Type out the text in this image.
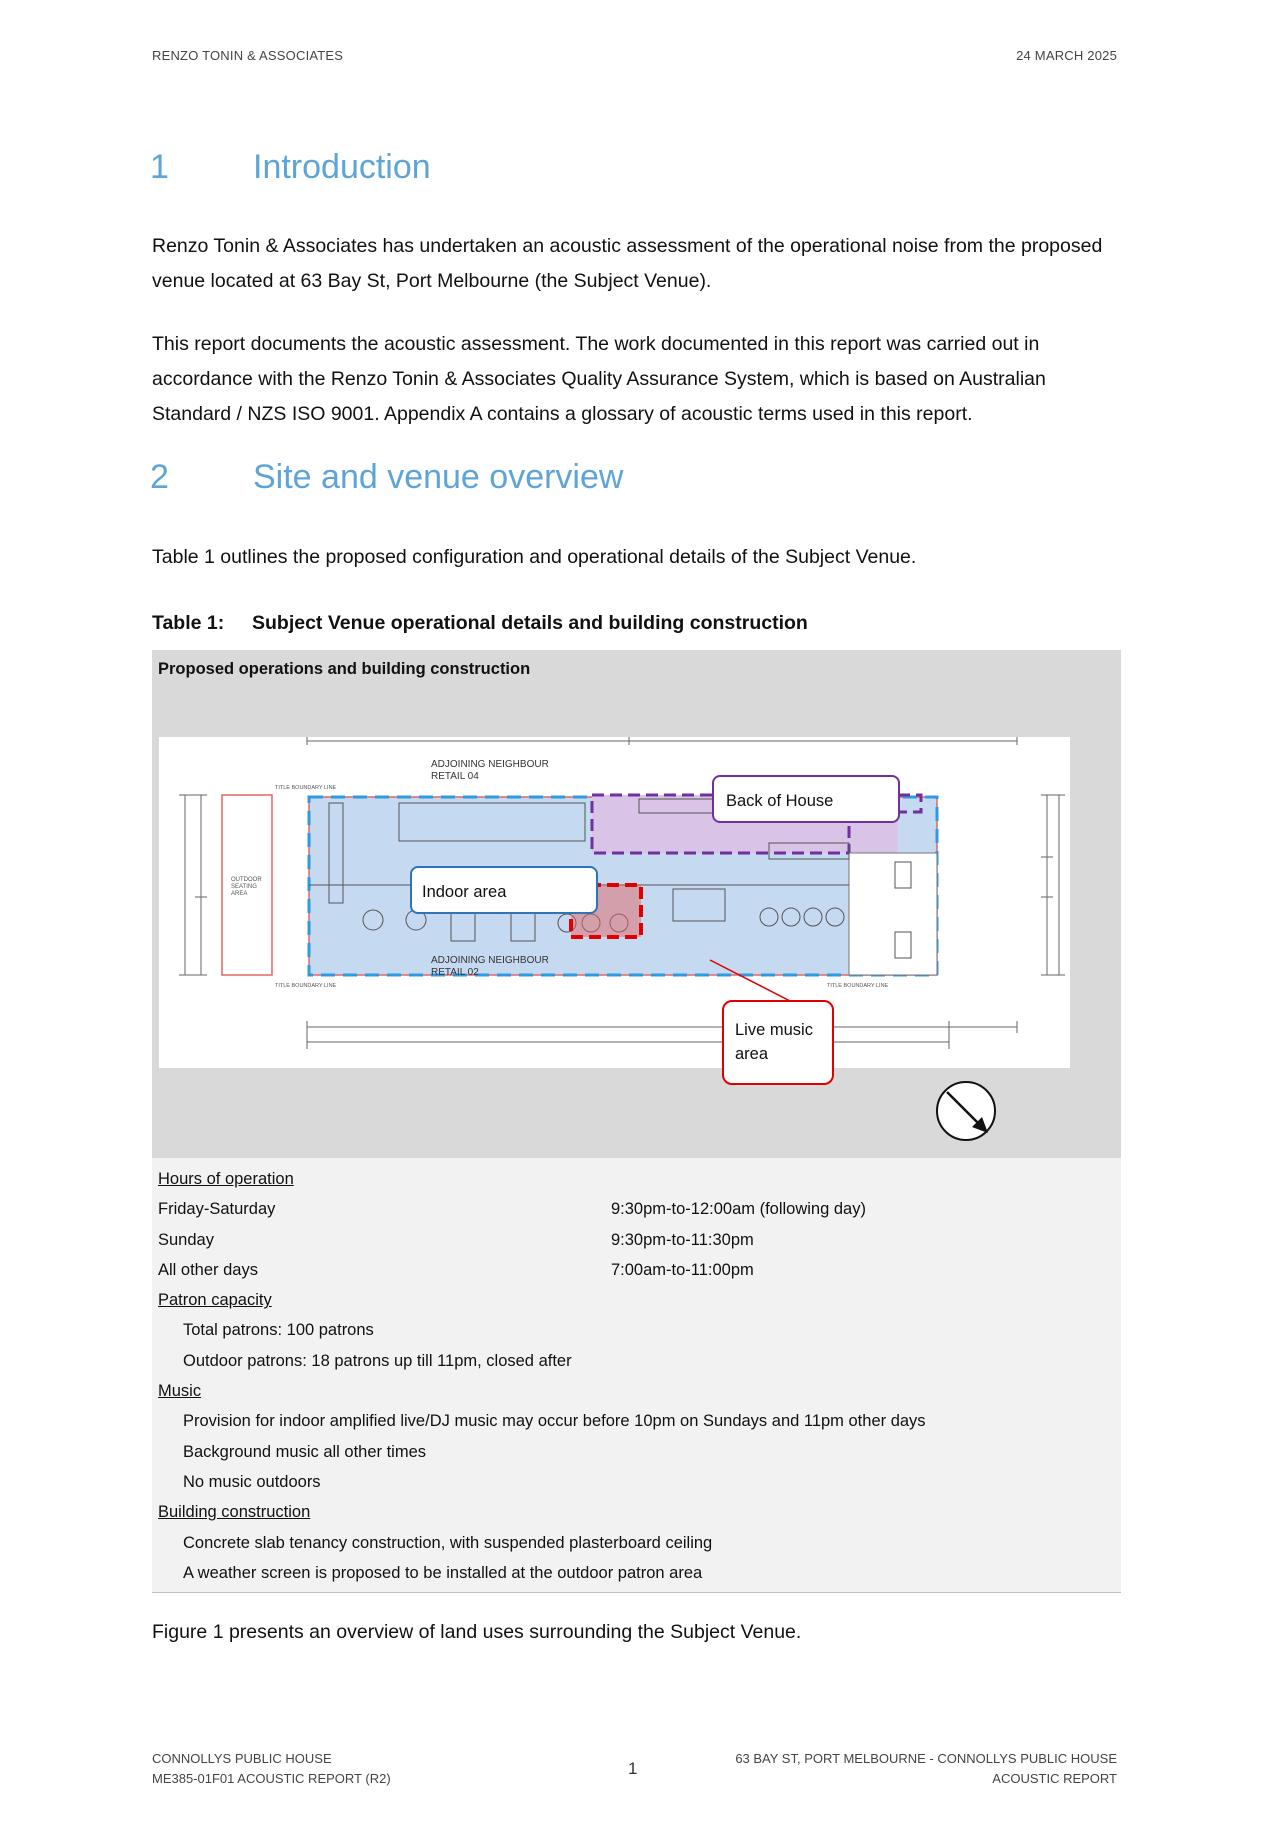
RENZO TONIN & ASSOCIATES	24 MARCH 2025
1 Introduction

Renzo Tonin & Associates has undertaken an acoustic assessment of the operational noise from the proposed venue located at 63 Bay St, Port Melbourne (the Subject Venue).

This report documents the acoustic assessment. The work documented in this report was carried out in accordance with the Renzo Tonin & Associates Quality Assurance System, which is based on Australian Standard / NZS ISO 9001. Appendix A contains a glossary of acoustic terms used in this report.

2 Site and venue overview

Table 1 outlines the proposed configuration and operational details of the Subject Venue.

Table 1: Subject Venue operational details and building construction
Proposed operations and building construction
OUTDOOR
SEATING
AREA
ADJOINING NEIGHBOUR
RETAIL 04
ADJOINING NEIGHBOUR
RETAIL 02
TITLE BOUNDARY LINE
TITLE BOUNDARY LINE	TITLE BOUNDARY LINE
Back of House
Indoor area
Live music
area
Hours of operation
Friday-Saturday	9:30pm-to-12:00am (following day)
Sunday	9:30pm-to-11:30pm
All other days	7:00am-to-11:00pm
Patron capacity
Total patrons: 100 patrons
Outdoor patrons: 18 patrons up till 11pm, closed after
Music
Provision for indoor amplified live/DJ music may occur before 10pm on Sundays and 11pm other days
Background music all other times
No music outdoors
Building construction
Concrete slab tenancy construction, with suspended plasterboard ceiling
A weather screen is proposed to be installed at the outdoor patron area

Figure 1 presents an overview of land uses surrounding the Subject Venue.

CONNOLLYS PUBLIC HOUSE
ME385-01F01 ACOUSTIC REPORT (R2)
1
63 BAY ST, PORT MELBOURNE - CONNOLLYS PUBLIC HOUSE
ACOUSTIC REPORT
